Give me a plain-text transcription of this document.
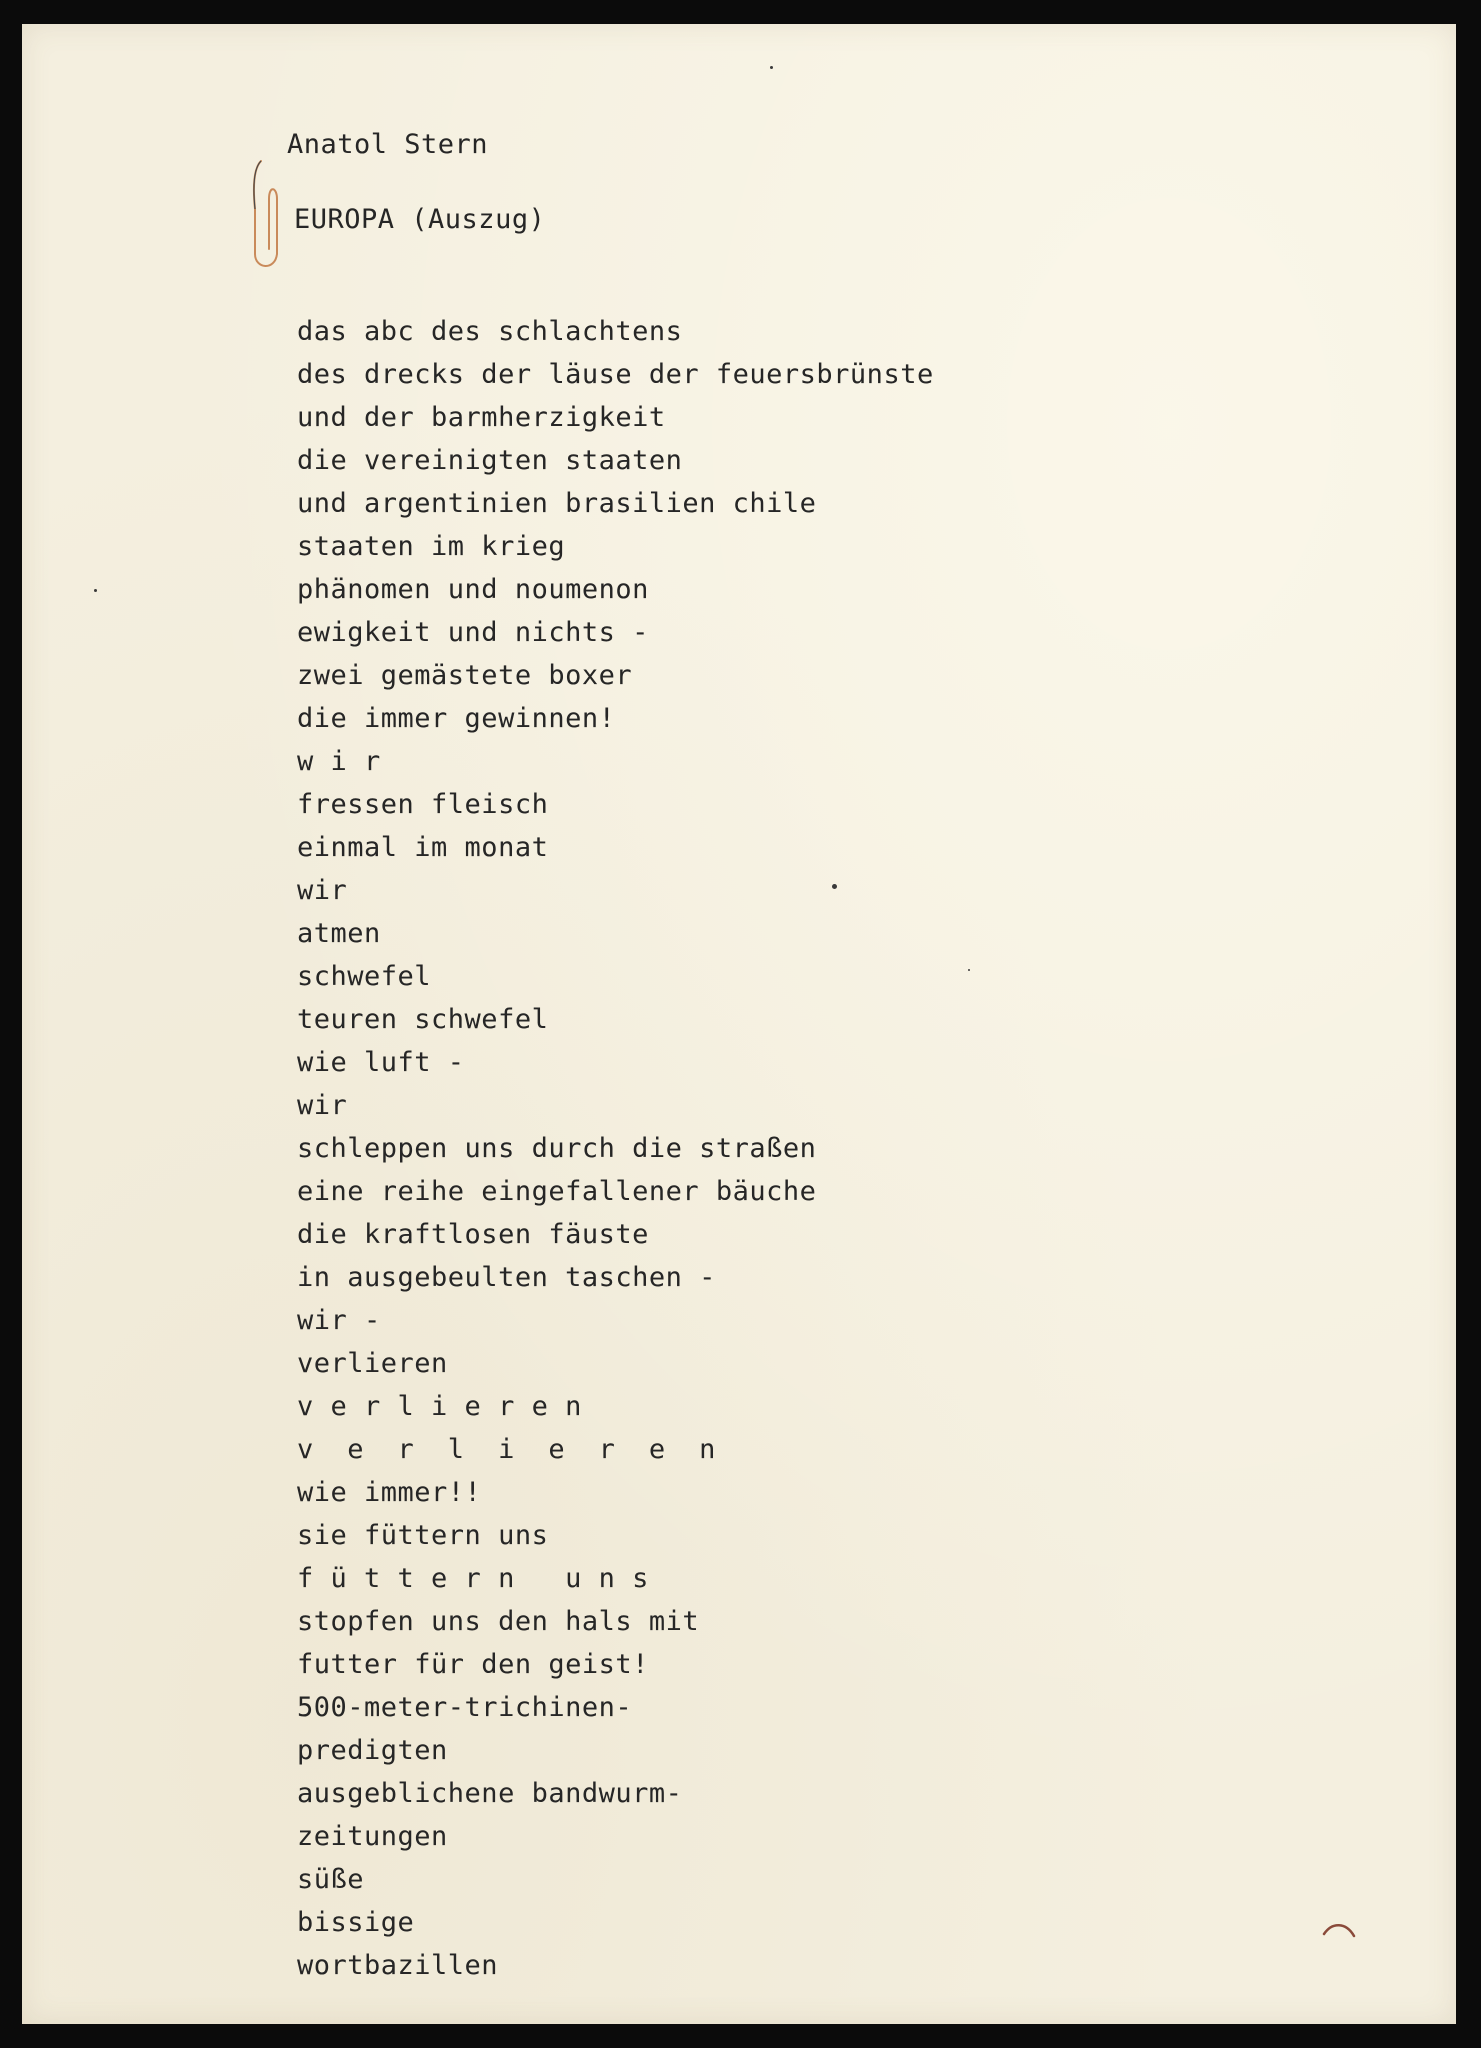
Anatol Stern

EUROPA (Auszug)

das abc des schlachtens
des drecks der läuse der feuersbrünste
und der barmherzigkeit
die vereinigten staaten
und argentinien brasilien chile
staaten im krieg
phänomen und noumenon
ewigkeit und nichts -
zwei gemästete boxer
die immer gewinnen!
w i r
fressen fleisch
einmal im monat
wir
atmen
schwefel
teuren schwefel
wie luft -
wir
schleppen uns durch die straßen
eine reihe eingefallener bäuche
die kraftlosen fäuste
in ausgebeulten taschen -
wir -
verlieren
v e r l i e r e n
v  e  r  l  i  e  r  e  n
wie immer!!
sie füttern uns
f ü t t e r n   u n s
stopfen uns den hals mit
futter für den geist!
500-meter-trichinen-
predigten
ausgeblichene bandwurm-
zeitungen
süße
bissige
wortbazillen
